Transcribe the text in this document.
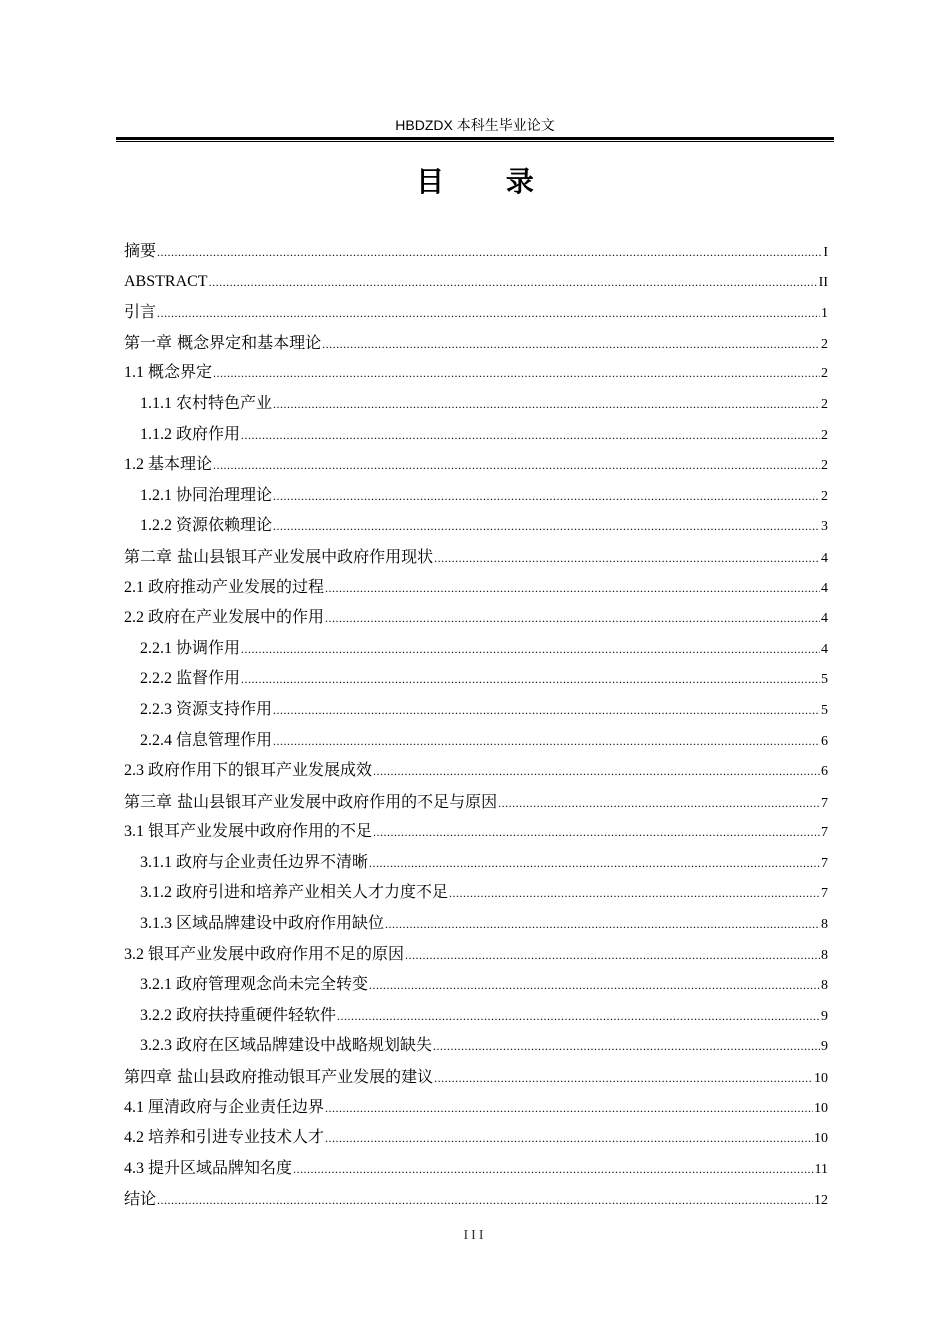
HBDZDX 本科生毕业论文
目 录
摘要 .....	I
ABSTRACT .....	II
引言 .....	1
第一章 概念界定和基本理论 .....	2
1.1 概念界定 .....	2
1.1.1 农村特色产业 .....	2
1.1.2 政府作用 .....	2
1.2 基本理论 .....	2
1.2.1 协同治理理论 .....	2
1.2.2 资源依赖理论 .....	3
第二章 盐山县银耳产业发展中政府作用现状 .....	4
2.1 政府推动产业发展的过程 .....	4
2.2 政府在产业发展中的作用 .....	4
2.2.1 协调作用 .....	4
2.2.2 监督作用 .....	5
2.2.3 资源支持作用 .....	5
2.2.4 信息管理作用 .....	6
2.3 政府作用下的银耳产业发展成效 .....	6
第三章 盐山县银耳产业发展中政府作用的不足与原因 .....	7
3.1 银耳产业发展中政府作用的不足 .....	7
3.1.1 政府与企业责任边界不清晰 .....	7
3.1.2 政府引进和培养产业相关人才力度不足 .....	7
3.1.3 区域品牌建设中政府作用缺位 .....	8
3.2 银耳产业发展中政府作用不足的原因 .....	8
3.2.1 政府管理观念尚未完全转变 .....	8
3.2.2 政府扶持重硬件轻软件 .....	9
3.2.3 政府在区域品牌建设中战略规划缺失 .....	9
第四章 盐山县政府推动银耳产业发展的建议 .....	10
4.1 厘清政府与企业责任边界 .....	10
4.2 培养和引进专业技术人才 .....	10
4.3 提升区域品牌知名度 .....	11
结论 .....	12
III
